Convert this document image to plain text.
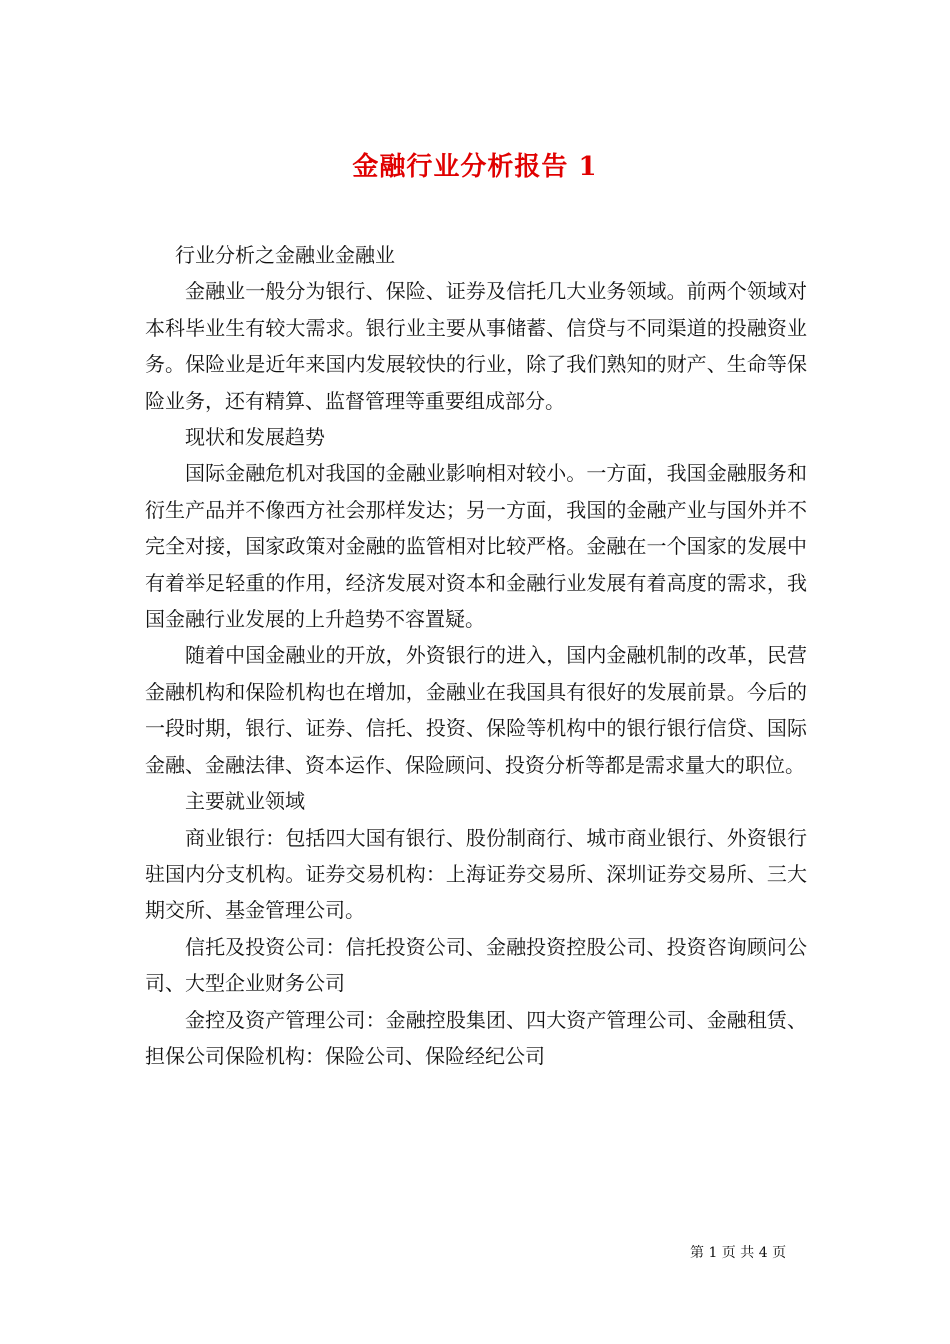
金融行业分析报告 1

行业分析之金融业金融业

金融业一般分为银行、保险、证券及信托几大业务领域。前两个领域对本科毕业生有较大需求。银行业主要从事储蓄、信贷与不同渠道的投融资业务。保险业是近年来国内发展较快的行业，除了我们熟知的财产、生命等保险业务，还有精算、监督管理等重要组成部分。

现状和发展趋势

国际金融危机对我国的金融业影响相对较小。一方面，我国金融服务和衍生产品并不像西方社会那样发达；另一方面，我国的金融产业与国外并不完全对接，国家政策对金融的监管相对比较严格。金融在一个国家的发展中有着举足轻重的作用，经济发展对资本和金融行业发展有着高度的需求，我国金融行业发展的上升趋势不容置疑。

随着中国金融业的开放，外资银行的进入，国内金融机制的改革，民营金融机构和保险机构也在增加，金融业在我国具有很好的发展前景。今后的一段时期，银行、证券、信托、投资、保险等机构中的银行银行信贷、国际金融、金融法律、资本运作、保险顾问、投资分析等都是需求量大的职位。

主要就业领域

商业银行：包括四大国有银行、股份制商行、城市商业银行、外资银行驻国内分支机构。证券交易机构：上海证券交易所、深圳证券交易所、三大期交所、基金管理公司。

信托及投资公司：信托投资公司、金融投资控股公司、投资咨询顾问公司、大型企业财务公司

金控及资产管理公司：金融控股集团、四大资产管理公司、金融租赁、担保公司保险机构：保险公司、保险经纪公司

第 1 页 共 4 页
